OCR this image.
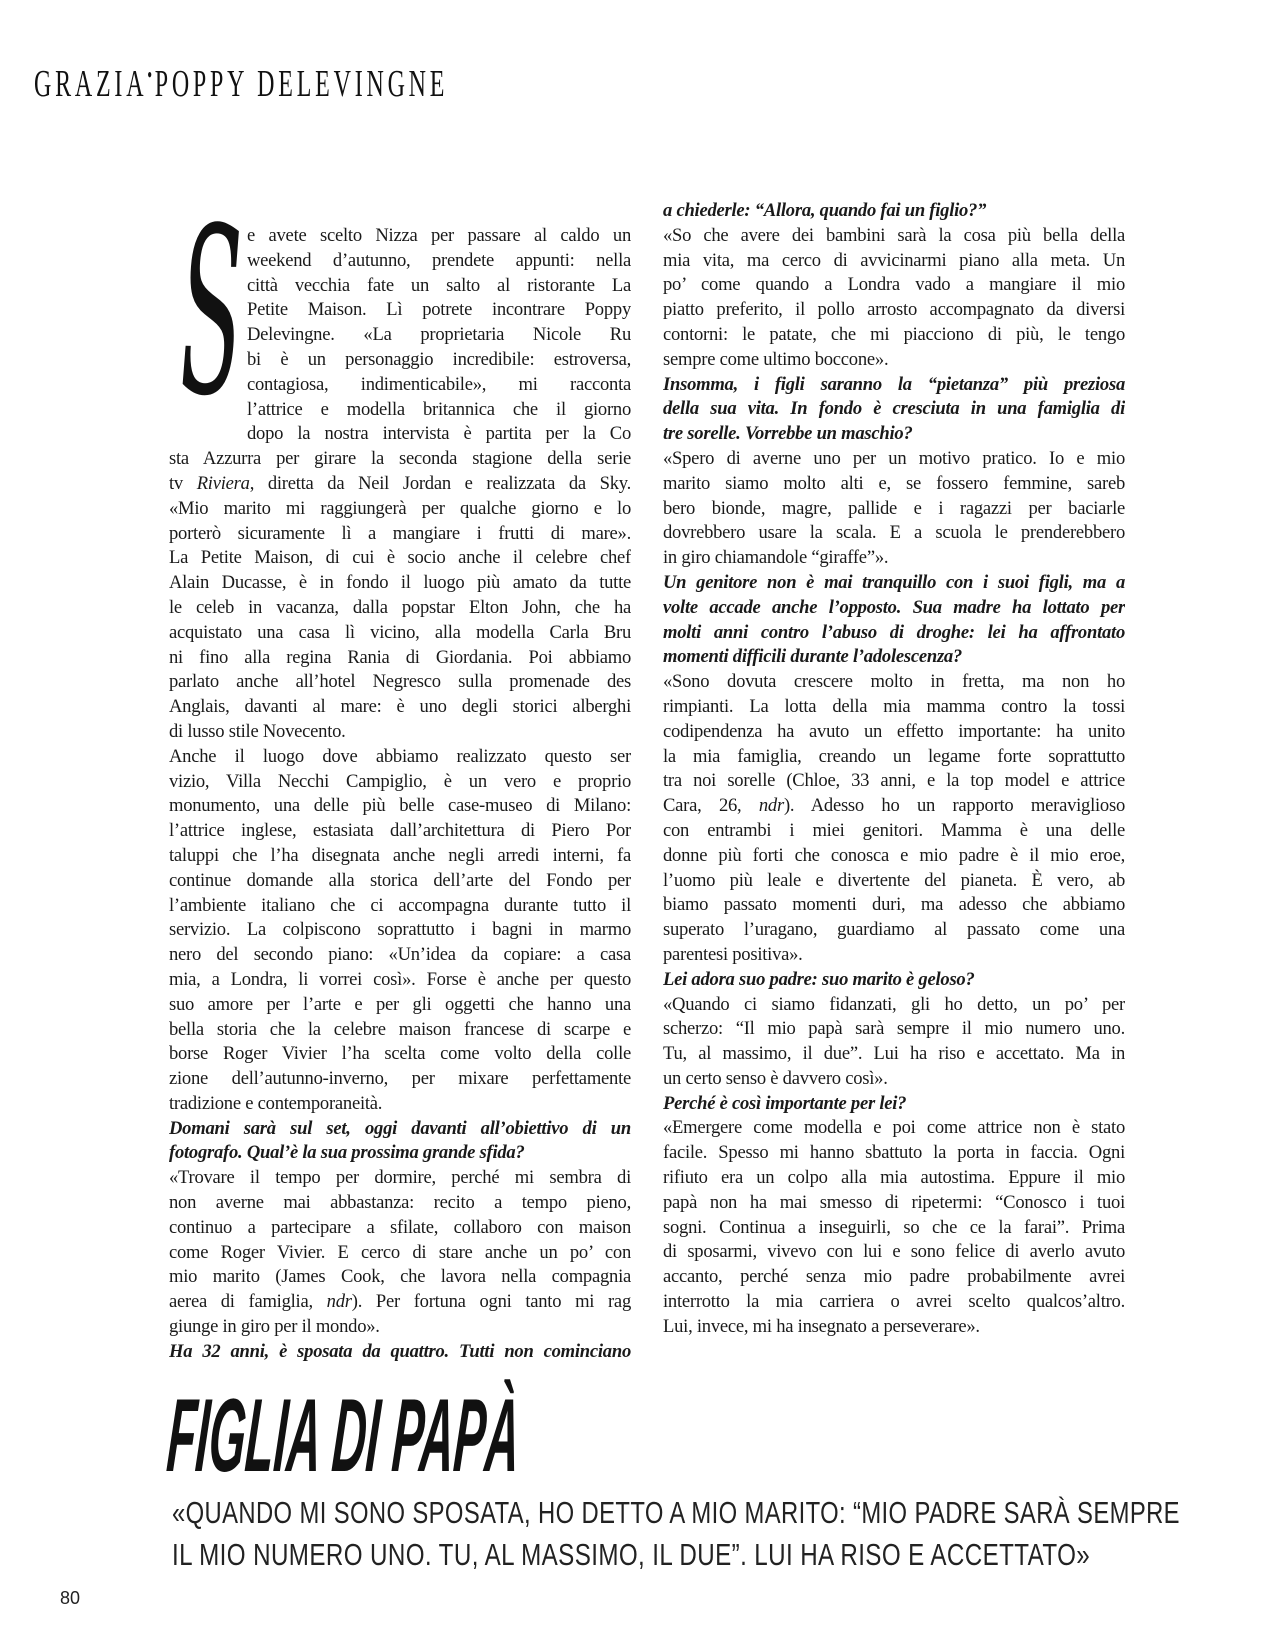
GRAZIA•POPPY DELEVINGNE
S e avete scelto Nizza per passare al caldo un
weekend d’autunno, prendete appunti: nella
città vecchia fate un salto al ristorante La
Petite Maison. Lì potrete incontrare Poppy
Delevingne. «La proprietaria Nicole Ru
bi è un personaggio incredibile: estroversa,
contagiosa, indimenticabile», mi racconta
l’attrice e modella britannica che il giorno
dopo la nostra intervista è partita per la Co
sta Azzurra per girare la seconda stagione della serie
tv Riviera, diretta da Neil Jordan e realizzata da Sky.
«Mio marito mi raggiungerà per qualche giorno e lo
porterò sicuramente lì a mangiare i frutti di mare».
La Petite Maison, di cui è socio anche il celebre chef
Alain Ducasse, è in fondo il luogo più amato da tutte
le celeb in vacanza, dalla popstar Elton John, che ha
acquistato una casa lì vicino, alla modella Carla Bru
ni fino alla regina Rania di Giordania. Poi abbiamo
parlato anche all’hotel Negresco sulla promenade des
Anglais, davanti al mare: è uno degli storici alberghi
di lusso stile Novecento.
Anche il luogo dove abbiamo realizzato questo ser
vizio, Villa Necchi Campiglio, è un vero e proprio
monumento, una delle più belle case-museo di Milano:
l’attrice inglese, estasiata dall’architettura di Piero Por
taluppi che l’ha disegnata anche negli arredi interni, fa
continue domande alla storica dell’arte del Fondo per
l’ambiente italiano che ci accompagna durante tutto il
servizio. La colpiscono soprattutto i bagni in marmo
nero del secondo piano: «Un’idea da copiare: a casa
mia, a Londra, li vorrei così». Forse è anche per questo
suo amore per l’arte e per gli oggetti che hanno una
bella storia che la celebre maison francese di scarpe e
borse Roger Vivier l’ha scelta come volto della colle
zione dell’autunno-inverno, per mixare perfettamente
tradizione e contemporaneità.
Domani sarà sul set, oggi davanti all’obiettivo di un
fotografo. Qual’è la sua prossima grande sfida?
«Trovare il tempo per dormire, perché mi sembra di
non averne mai abbastanza: recito a tempo pieno,
continuo a partecipare a sfilate, collaboro con maison
come Roger Vivier. E cerco di stare anche un po’ con
mio marito (James Cook, che lavora nella compagnia
aerea di famiglia, ndr). Per fortuna ogni tanto mi rag
giunge in giro per il mondo».
Ha 32 anni, è sposata da quattro. Tutti non cominciano
a chiederle: “Allora, quando fai un figlio?”
«So che avere dei bambini sarà la cosa più bella della
mia vita, ma cerco di avvicinarmi piano alla meta. Un
po’ come quando a Londra vado a mangiare il mio
piatto preferito, il pollo arrosto accompagnato da diversi
contorni: le patate, che mi piacciono di più, le tengo
sempre come ultimo boccone».
Insomma, i figli saranno la “pietanza” più preziosa
della sua vita. In fondo è cresciuta in una famiglia di
tre sorelle. Vorrebbe un maschio?
«Spero di averne uno per un motivo pratico. Io e mio
marito siamo molto alti e, se fossero femmine, sareb
bero bionde, magre, pallide e i ragazzi per baciarle
dovrebbero usare la scala. E a scuola le prenderebbero
in giro chiamandole “giraffe”».
Un genitore non è mai tranquillo con i suoi figli, ma a
volte accade anche l’opposto. Sua madre ha lottato per
molti anni contro l’abuso di droghe: lei ha affrontato
momenti difficili durante l’adolescenza?
«Sono dovuta crescere molto in fretta, ma non ho
rimpianti. La lotta della mia mamma contro la tossi
codipendenza ha avuto un effetto importante: ha unito
la mia famiglia, creando un legame forte soprattutto
tra noi sorelle (Chloe, 33 anni, e la top model e attrice
Cara, 26, ndr). Adesso ho un rapporto meraviglioso
con entrambi i miei genitori. Mamma è una delle
donne più forti che conosca e mio padre è il mio eroe,
l’uomo più leale e divertente del pianeta. È vero, ab
biamo passato momenti duri, ma adesso che abbiamo
superato l’uragano, guardiamo al passato come una
parentesi positiva».
Lei adora suo padre: suo marito è geloso?
«Quando ci siamo fidanzati, gli ho detto, un po’ per
scherzo: “Il mio papà sarà sempre il mio numero uno.
Tu, al massimo, il due”. Lui ha riso e accettato. Ma in
un certo senso è davvero così».
Perché è così importante per lei?
«Emergere come modella e poi come attrice non è stato
facile. Spesso mi hanno sbattuto la porta in faccia. Ogni
rifiuto era un colpo alla mia autostima. Eppure il mio
papà non ha mai smesso di ripetermi: “Conosco i tuoi
sogni. Continua a inseguirli, so che ce la farai”. Prima
di sposarmi, vivevo con lui e sono felice di averlo avuto
accanto, perché senza mio padre probabilmente avrei
interrotto la mia carriera o avrei scelto qualcos’altro.
Lui, invece, mi ha insegnato a perseverare».
FIGLIA DI PAPÀ
«QUANDO MI SONO SPOSATA, HO DETTO A MIO MARITO: “MIO PADRE SARÀ SEMPRE
IL MIO NUMERO UNO. TU, AL MASSIMO, IL DUE”. LUI HA RISO E ACCETTATO»
80
